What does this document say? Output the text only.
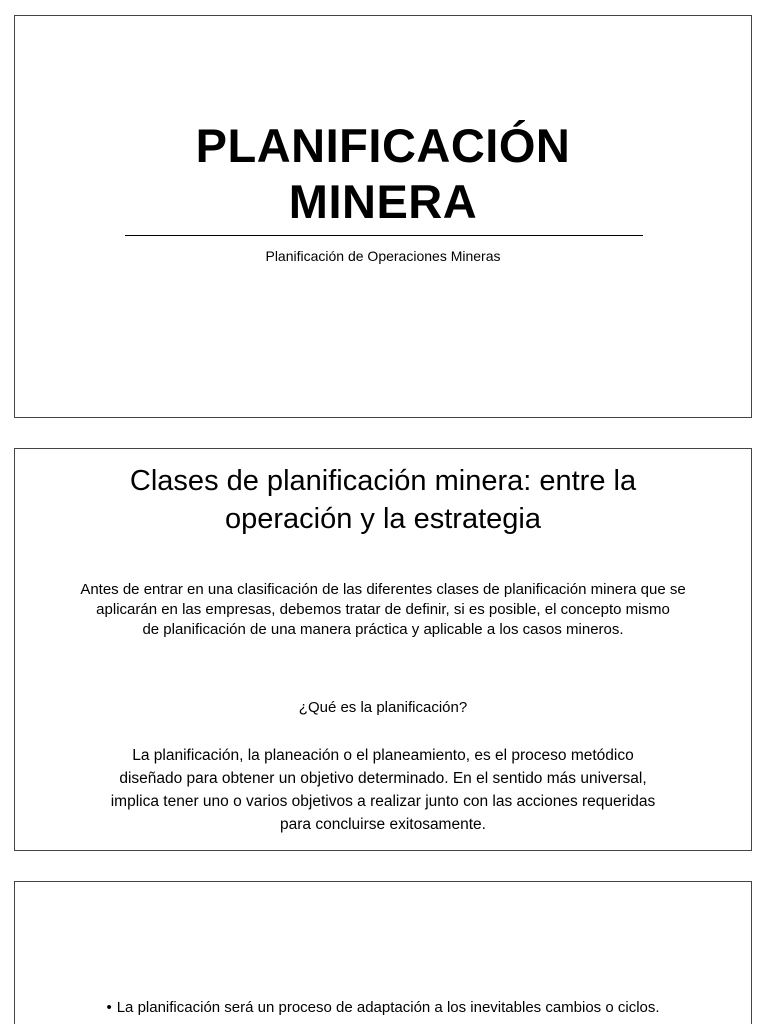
PLANIFICACIÓN
MINERA
Planificación de Operaciones Mineras
Clases de planificación minera: entre la
operación y la estrategia
Antes de entrar en una clasificación de las diferentes clases de planificación minera que se
aplicarán en las empresas, debemos tratar de definir, si es posible, el concepto mismo
de planificación de una manera práctica y aplicable a los casos mineros.
¿Qué es la planificación?
La planificación, la planeación o el planeamiento, es el proceso metódico
diseñado para obtener un objetivo determinado. En el sentido más universal,
implica tener uno o varios objetivos a realizar junto con las acciones requeridas
para concluirse exitosamente.
• La planificación será un proceso de adaptación a los inevitables cambios o ciclos.
